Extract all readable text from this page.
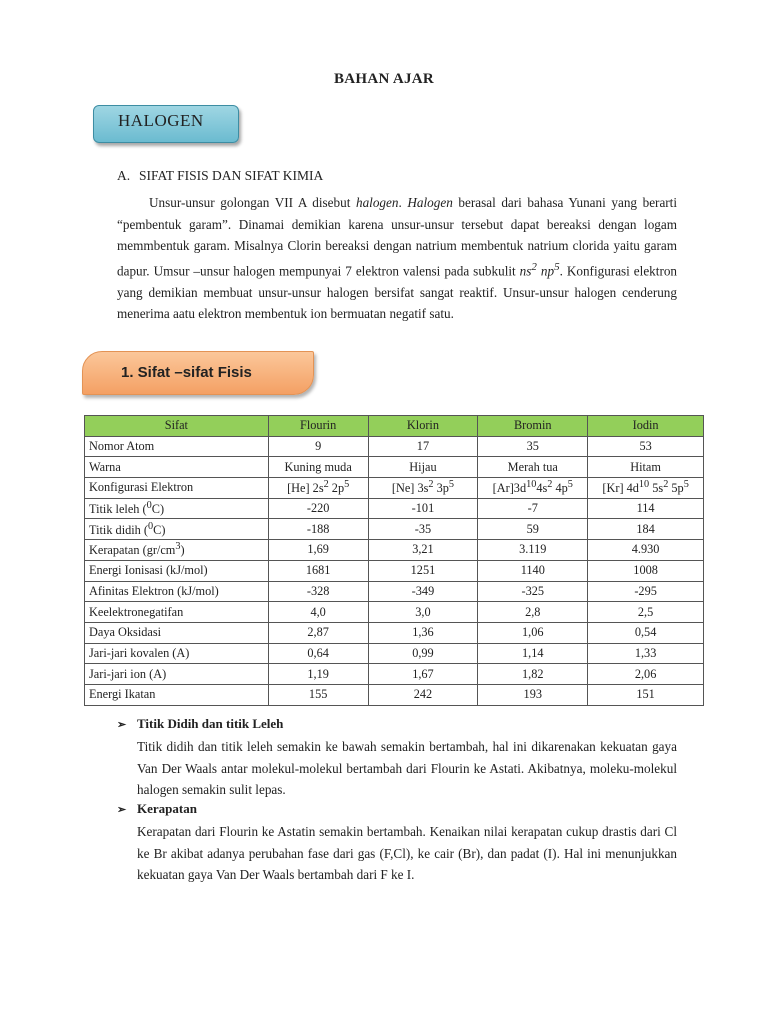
BAHAN AJAR
HALOGEN
A. SIFAT FISIS DAN SIFAT KIMIA

Unsur-unsur golongan VII A disebut halogen. Halogen berasal dari bahasa Yunani yang berarti “pembentuk garam”. Dinamai demikian karena unsur-unsur tersebut dapat bereaksi dengan logam memmbentuk garam. Misalnya Clorin bereaksi dengan natrium membentuk natrium clorida yaitu garam dapur. Umsur –unsur halogen mempunyai 7 elektron valensi pada subkulit $ns^2$ $np^5$. Konfigurasi elektron yang demikian membuat unsur-unsur halogen bersifat sangat reaktif. Unsur-unsur halogen cenderung menerima aatu elektron membentuk ion bermuatan negatif satu.

1. Sifat –sifat Fisis
Sifat	Flourin	Klorin	Bromin	Iodin
Nomor Atom	9	17	35	53
Warna	Kuning muda	Hijau	Merah tua	Hitam
Konfigurasi Elektron	[He] $2s^2$ $2p^5$	[Ne] $3s^2$ $3p^5$	$[Ar]3d^{10}4s^2$ $4p^5$	[Kr] $4d^{10}$ $5s^2$ $5p^5$
Titik leleh ($^0$C)	-220	-101	-7	114
Titik didih ($^0$C)	-188	-35	59	184
Kerapatan $(gr/cm^3)$	1,69	3,21	3.119	4.930
Energi Ionisasi (kJ/mol)	1681	1251	1140	1008
Afinitas Elektron (kJ/mol)	-328	-349	-325	-295
Keelektronegatifan	4,0	3,0	2,8	2,5
Daya Oksidasi	2,87	1,36	1,06	0,54
Jari-jari kovalen (A)	0,64	0,99	1,14	1,33
Jari-jari ion (A)	1,19	1,67	1,82	2,06
Energi Ikatan	155	242	193	151
➢ Titik Didih dan titik Leleh

Titik didih dan titik leleh semakin ke bawah semakin bertambah, hal ini dikarenakan kekuatan gaya Van Der Waals antar molekul-molekul bertambah dari Flourin ke Astati. Akibatnya, moleku-molekul halogen semakin sulit lepas.

➢ Kerapatan

Kerapatan dari Flourin ke Astatin semakin bertambah. Kenaikan nilai kerapatan cukup drastis dari Cl ke Br akibat adanya perubahan fase dari gas (F,Cl), ke cair (Br), dan padat (I). Hal ini menunjukkan kekuatan gaya Van Der Waals bertambah dari F ke I.
